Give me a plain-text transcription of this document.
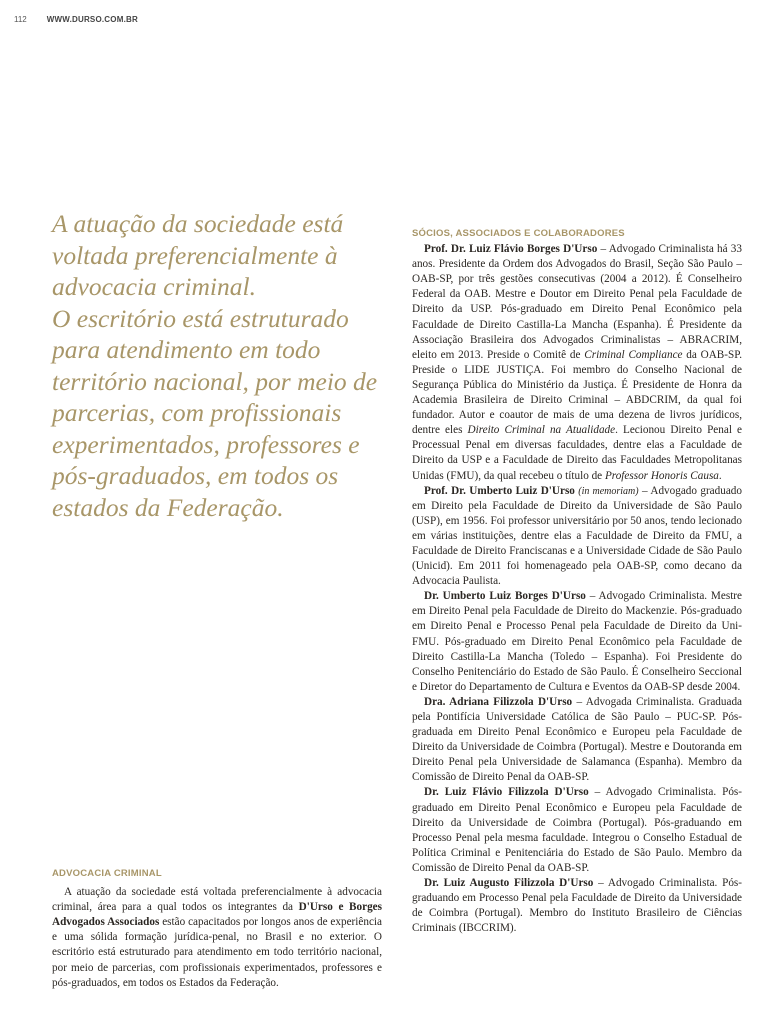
112	WWW.DURSO.COM.BR

A atuação da sociedade está voltada preferencialmente à advocacia criminal.

O escritório está estruturado para atendimento em todo território nacional, por meio de parcerias, com profissionais experimentados, professores e pós-graduados, em todos os estados da Federação.

ADVOCACIA CRIMINAL

A atuação da sociedade está voltada preferencialmente à advocacia criminal, área para a qual todos os integrantes da D'Urso e Borges Advogados Associados estão capacitados por longos anos de experiência e uma sólida formação jurídica-penal, no Brasil e no exterior. O escritório está estruturado para atendimento em todo território nacional, por meio de parcerias, com profissionais experimentados, professores e pós-graduados, em todos os Estados da Federação.

SÓCIOS, ASSOCIADOS E COLABORADORES

Prof. Dr. Luiz Flávio Borges D'Urso – Advogado Criminalista há 33 anos. Presidente da Ordem dos Advogados do Brasil, Seção São Paulo – OAB-SP, por três gestões consecutivas (2004 a 2012). É Conselheiro Federal da OAB. Mestre e Doutor em Direito Penal pela Faculdade de Direito da USP. Pós-graduado em Direito Penal Econômico pela Faculdade de Direito Castilla-La Mancha (Espanha). É Presidente da Associação Brasileira dos Advogados Criminalistas – ABRACRIM, eleito em 2013. Preside o Comitê de Criminal Compliance da OAB-SP. Preside o LIDE JUSTIÇA. Foi membro do Conselho Nacional de Segurança Pública do Ministério da Justiça. É Presidente de Honra da Academia Brasileira de Direito Criminal – ABDCRIM, da qual foi fundador. Autor e coautor de mais de uma dezena de livros jurídicos, dentre eles Direito Criminal na Atualidade. Lecionou Direito Penal e Processual Penal em diversas faculdades, dentre elas a Faculdade de Direito da USP e a Faculdade de Direito das Faculdades Metropolitanas Unidas (FMU), da qual recebeu o título de Professor Honoris Causa.

Prof. Dr. Umberto Luiz D'Urso (in memoriam) – Advogado graduado em Direito pela Faculdade de Direito da Universidade de São Paulo (USP), em 1956. Foi professor universitário por 50 anos, tendo lecionado em várias instituições, dentre elas a Faculdade de Direito da FMU, a Faculdade de Direito Franciscanas e a Universidade Cidade de São Paulo (Unicid). Em 2011 foi homenageado pela OAB-SP, como decano da Advocacia Paulista.

Dr. Umberto Luiz Borges D'Urso – Advogado Criminalista. Mestre em Direito Penal pela Faculdade de Direito do Mackenzie. Pós-graduado em Direito Penal e Processo Penal pela Faculdade de Direito da Uni-FMU. Pós-graduado em Direito Penal Econômico pela Faculdade de Direito Castilla-La Mancha (Toledo – Espanha). Foi Presidente do Conselho Penitenciário do Estado de São Paulo. É Conselheiro Seccional e Diretor do Departamento de Cultura e Eventos da OAB-SP desde 2004.

Dra. Adriana Filizzola D'Urso – Advogada Criminalista. Graduada pela Pontifícia Universidade Católica de São Paulo – PUC-SP. Pós-graduada em Direito Penal Econômico e Europeu pela Faculdade de Direito da Universidade de Coimbra (Portugal). Mestre e Doutoranda em Direito Penal pela Universidade de Salamanca (Espanha). Membro da Comissão de Direito Penal da OAB-SP.

Dr. Luiz Flávio Filizzola D'Urso – Advogado Criminalista. Pós-graduado em Direito Penal Econômico e Europeu pela Faculdade de Direito da Universidade de Coimbra (Portugal). Pós-graduando em Processo Penal pela mesma faculdade. Integrou o Conselho Estadual de Política Criminal e Penitenciária do Estado de São Paulo. Membro da Comissão de Direito Penal da OAB-SP.

Dr. Luiz Augusto Filizzola D'Urso – Advogado Criminalista. Pós-graduando em Processo Penal pela Faculdade de Direito da Universidade de Coimbra (Portugal). Membro do Instituto Brasileiro de Ciências Criminais (IBCCRIM).
